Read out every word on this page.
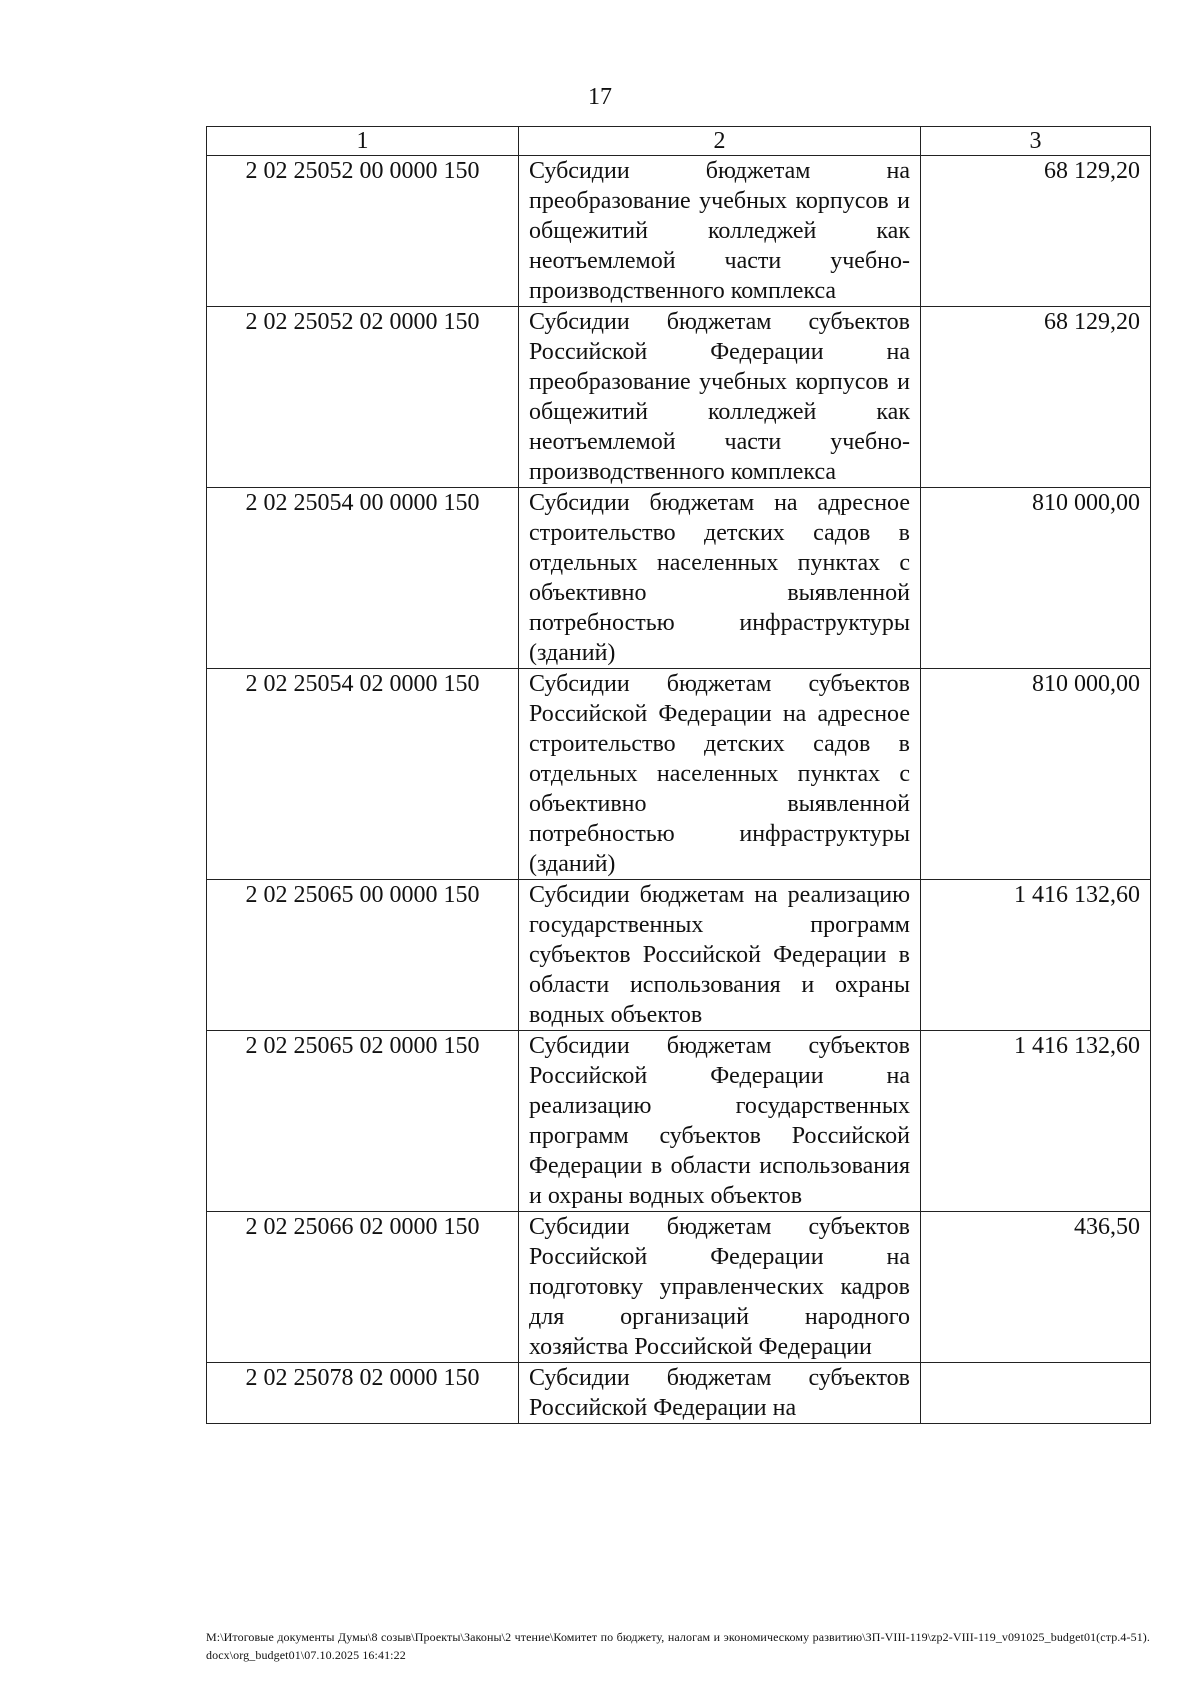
17
1	2	3
2 02 25052 00 0000 150	Субсидии бюджетам на преобразование учебных корпусов и общежитий колледжей как неотъемлемой части учебно-производственного комплекса	68 129,20
2 02 25052 02 0000 150	Субсидии бюджетам субъектов Российской Федерации на преобразование учебных корпусов и общежитий колледжей как неотъемлемой части учебно-производственного комплекса	68 129,20
2 02 25054 00 0000 150	Субсидии бюджетам на адресное строительство детских садов в отдельных населенных пунктах с объективно выявленной потребностью инфраструктуры (зданий)	810 000,00
2 02 25054 02 0000 150	Субсидии бюджетам субъектов Российской Федерации на адресное строительство детских садов в отдельных населенных пунктах с объективно выявленной потребностью инфраструктуры (зданий)	810 000,00
2 02 25065 00 0000 150	Субсидии бюджетам на реализацию государственных программ субъектов Российской Федерации в области использования и охраны водных объектов	1 416 132,60
2 02 25065 02 0000 150	Субсидии бюджетам субъектов Российской Федерации на реализацию государственных программ субъектов Российской Федерации в области использования и охраны водных объектов	1 416 132,60
2 02 25066 02 0000 150	Субсидии бюджетам субъектов Российской Федерации на подготовку управленческих кадров для организаций народного хозяйства Российской Федерации	436,50
2 02 25078 02 0000 150	Субсидии бюджетам субъектов Российской Федерации на	
M:\Итоговые документы Думы\8 созыв\Проекты\Законы\2 чтение\Комитет по бюджету, налогам и экономическому развитию\ЗП-VIII-119\zp2-VIII-119_v091025_budget01(стр.4-51).docx\org_budget01\07.10.2025 16:41:22
